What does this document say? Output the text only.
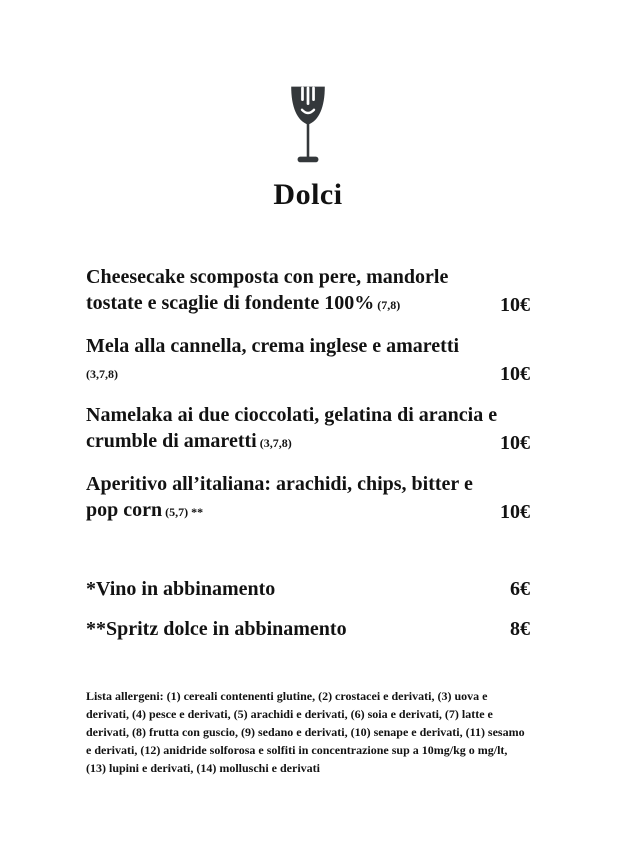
Dolci

Cheesecake scomposta con pere, mandorle
tostate e scaglie di fondente 100% (7,8)	10€

Mela alla cannella, crema inglese e amaretti
(3,7,8)	10€

Namelaka ai due cioccolati, gelatina di arancia e
crumble di amaretti (3,7,8)	10€

Aperitivo all’italiana: arachidi, chips, bitter e
pop corn (5,7) **	10€
*Vino in abbinamento	6€
**Spritz dolce in abbinamento	8€

Lista allergeni: (1) cereali contenenti glutine, (2) crostacei e derivati, (3) uova e derivati, (4) pesce e derivati, (5) arachidi e derivati, (6) soia e derivati, (7) latte e derivati, (8) frutta con guscio, (9) sedano e derivati, (10) senape e derivati, (11) sesamo e derivati, (12) anidride solforosa e solfiti in concentrazione sup a 10mg/kg o mg/lt, (13) lupini e derivati, (14) molluschi e derivati
